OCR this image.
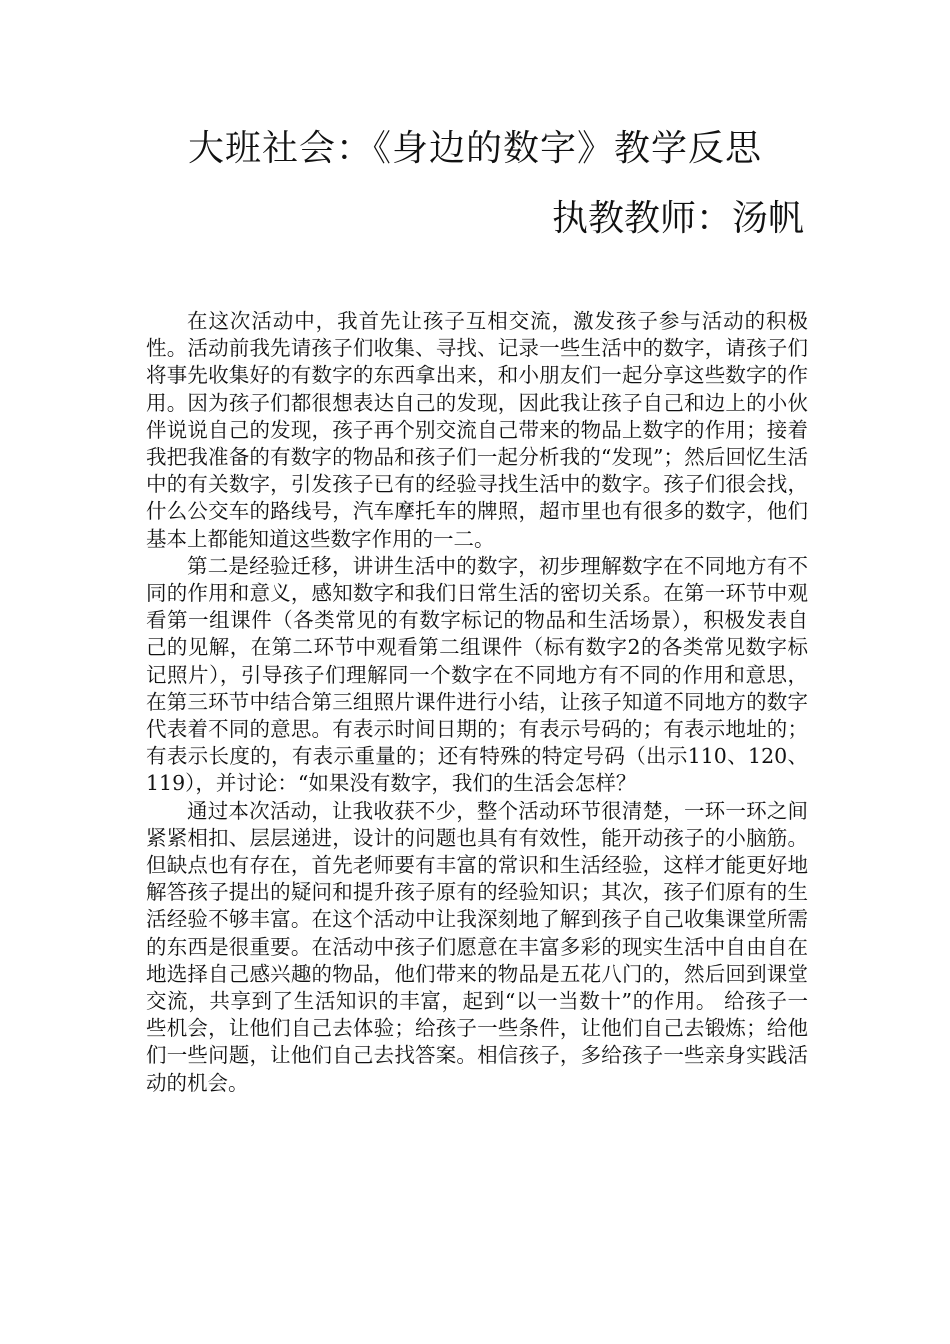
大班社会：《身边的数字》教学反思
执教教师：汤帆

在这次活动中，我首先让孩子互相交流，激发孩子参与活动的积极性。活动前我先请孩子们收集、寻找、记录一些生活中的数字，请孩子们将事先收集好的有数字的东西拿出来，和小朋友们一起分享这些数字的作用。因为孩子们都很想表达自己的发现，因此我让孩子自己和边上的小伙伴说说自己的发现，孩子再个别交流自己带来的物品上数字的作用；接着我把我准备的有数字的物品和孩子们一起分析我的“发现”；然后回忆生活中的有关数字，引发孩子已有的经验寻找生活中的数字。孩子们很会找，什么公交车的路线号，汽车摩托车的牌照，超市里也有很多的数字，他们基本上都能知道这些数字作用的一二。

第二是经验迁移，讲讲生活中的数字，初步理解数字在不同地方有不同的作用和意义，感知数字和我们日常生活的密切关系。在第一环节中观看第一组课件（各类常见的有数字标记的物品和生活场景），积极发表自己的见解，在第二环节中观看第二组课件（标有数字2的各类常见数字标记照片），引导孩子们理解同一个数字在不同地方有不同的作用和意思，在第三环节中结合第三组照片课件进行小结，让孩子知道不同地方的数字代表着不同的意思。有表示时间日期的；有表示号码的；有表示地址的；有表示长度的，有表示重量的；还有特殊的特定号码（出示110、120、119），并讨论：“如果没有数字，我们的生活会怎样？

通过本次活动，让我收获不少，整个活动环节很清楚，一环一环之间紧紧相扣、层层递进，设计的问题也具有有效性，能开动孩子的小脑筋。但缺点也有存在，首先老师要有丰富的常识和生活经验，这样才能更好地解答孩子提出的疑问和提升孩子原有的经验知识；其次，孩子们原有的生活经验不够丰富。在这个活动中让我深刻地了解到孩子自己收集课堂所需的东西是很重要。在活动中孩子们愿意在丰富多彩的现实生活中自由自在地选择自己感兴趣的物品，他们带来的物品是五花八门的，然后回到课堂交流，共享到了生活知识的丰富，起到“以一当数十”的作用。 给孩子一些机会，让他们自己去体验；给孩子一些条件，让他们自己去锻炼；给他们一些问题，让他们自己去找答案。相信孩子，多给孩子一些亲身实践活动的机会。
